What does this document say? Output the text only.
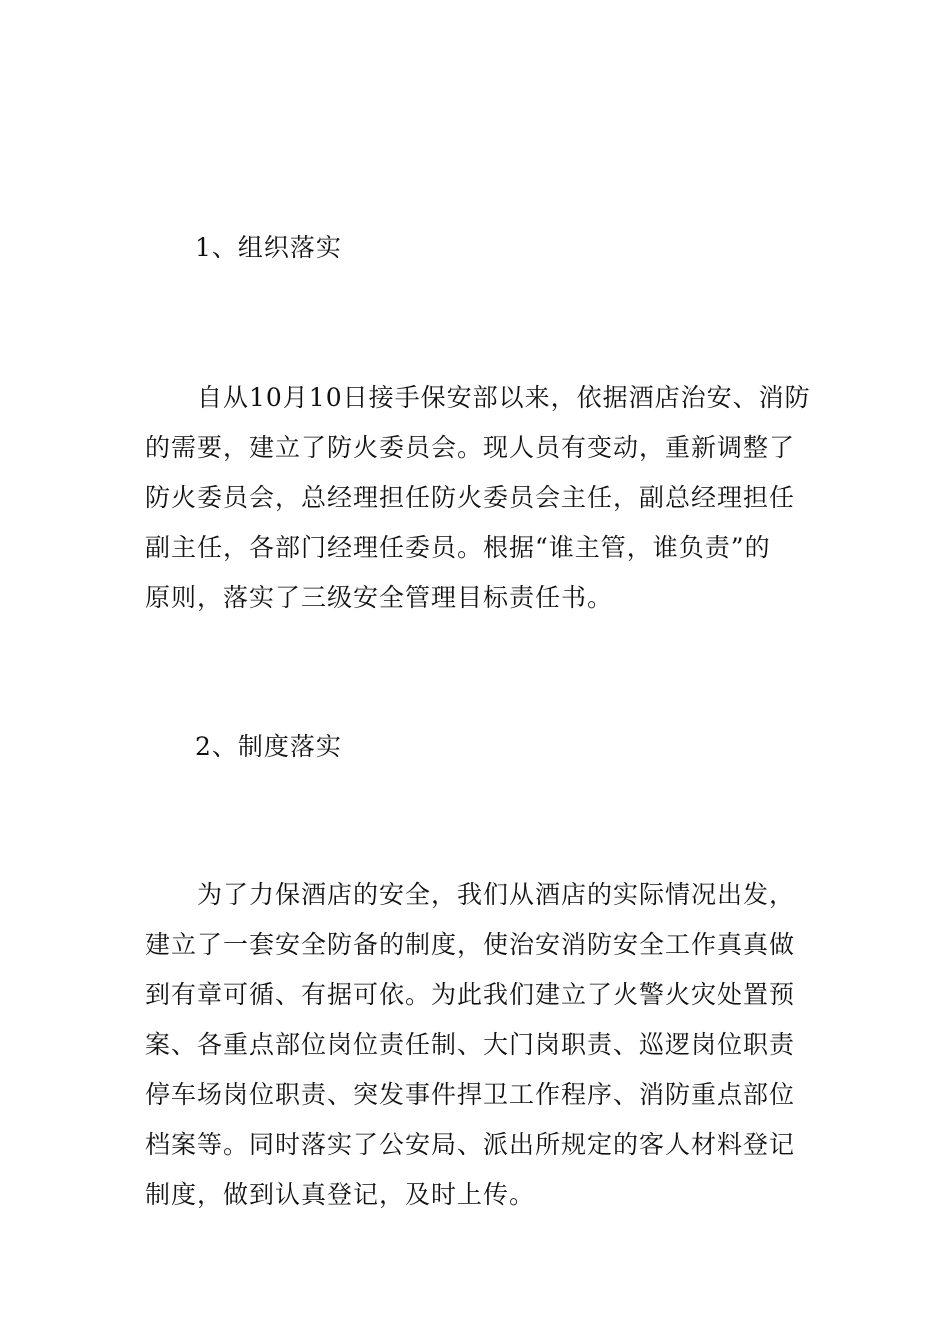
1、组织落实
　　自从10月10日接手保安部以来，依据酒店治安、消防
的需要，建立了防火委员会。现人员有变动，重新调整了
防火委员会，总经理担任防火委员会主任，副总经理担任
副主任，各部门经理任委员。根据“谁主管，谁负责”的
原则，落实了三级安全管理目标责任书。
2、制度落实
　　为了力保酒店的安全，我们从酒店的实际情况出发，
建立了一套安全防备的制度，使治安消防安全工作真真做
到有章可循、有据可依。为此我们建立了火警火灾处置预
案、各重点部位岗位责任制、大门岗职责、巡逻岗位职责
停车场岗位职责、突发事件捍卫工作程序、消防重点部位
档案等。同时落实了公安局、派出所规定的客人材料登记
制度，做到认真登记，及时上传。
